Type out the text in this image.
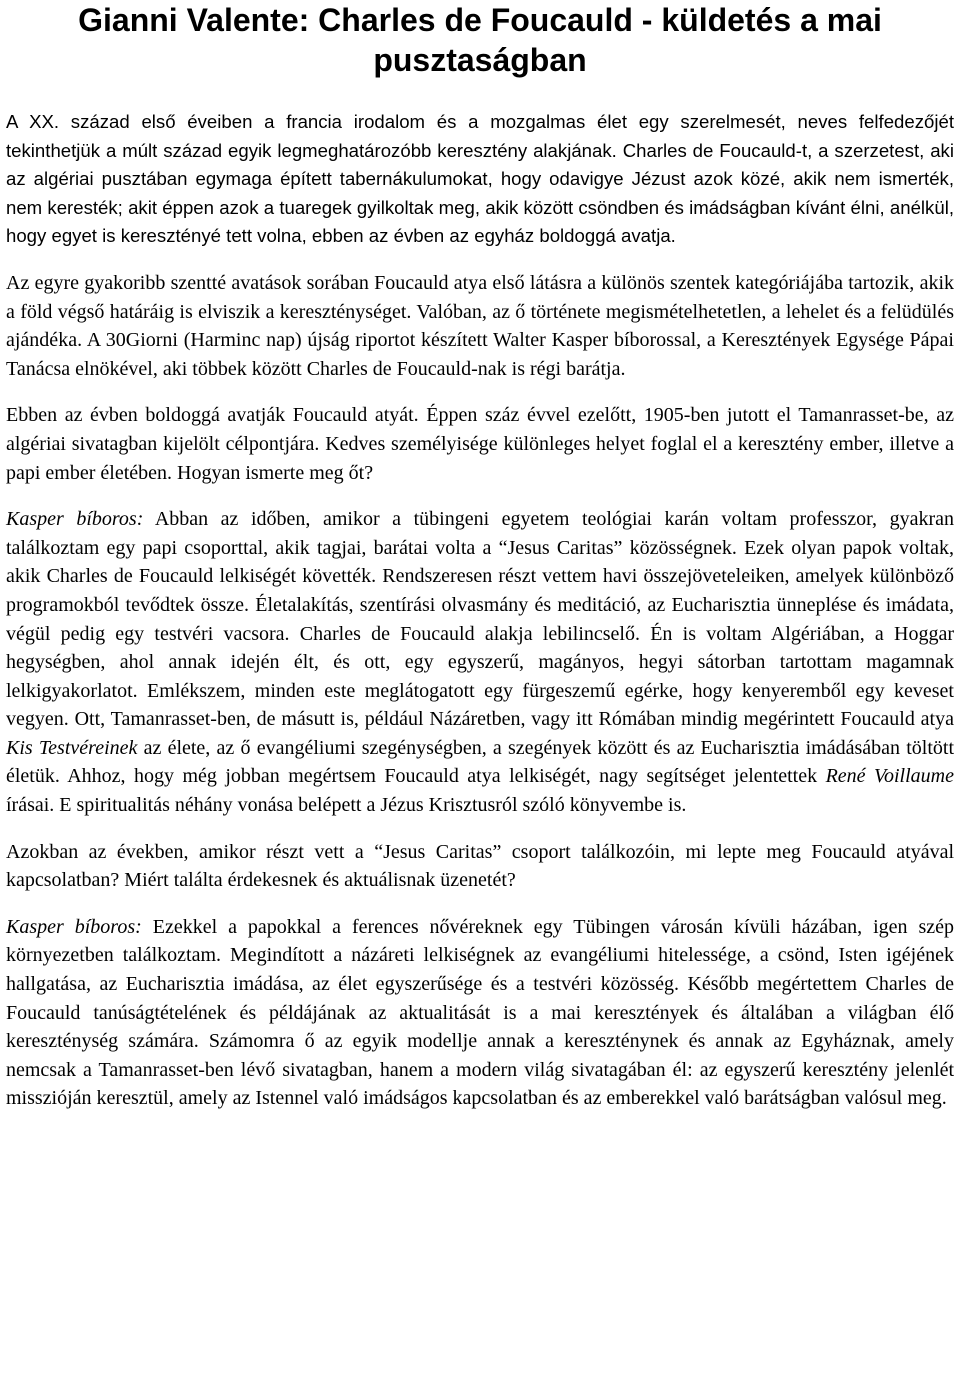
Gianni Valente: Charles de Foucauld - küldetés a mai pusztaságban

A XX. század első éveiben a francia irodalom és a mozgalmas élet egy szerelmesét, neves felfedezőjét tekinthetjük a múlt század egyik legmeghatározóbb keresztény alakjának. Charles de Foucauld-t, a szerzetest, aki az algériai pusztában egymaga épített tabernákulumokat, hogy odavigye Jézust azok közé, akik nem ismerték, nem keresték; akit éppen azok a tuaregek gyilkoltak meg, akik között csöndben és imádságban kívánt élni, anélkül, hogy egyet is keresztényé tett volna, ebben az évben az egyház boldoggá avatja.

Az egyre gyakoribb szentté avatások sorában Foucauld atya első látásra a különös szentek kategóriájába tartozik, akik a föld végső határáig is elviszik a kereszténységet. Valóban, az ő története megismételhetetlen, a lehelet és a felüdülés ajándéka. A 30Giorni (Harminc nap) újság riportot készített Walter Kasper bíborossal, a Keresztények Egysége Pápai Tanácsa elnökével, aki többek között Charles de Foucauld-nak is régi barátja.

Ebben az évben boldoggá avatják Foucauld atyát. Éppen száz évvel ezelőtt, 1905-ben jutott el Tamanrasset-be, az algériai sivatagban kijelölt célpontjára. Kedves személyisége különleges helyet foglal el a keresztény ember, illetve a papi ember életében. Hogyan ismerte meg őt?

Kasper bíboros: Abban az időben, amikor a tübingeni egyetem teológiai karán voltam professzor, gyakran találkoztam egy papi csoporttal, akik tagjai, barátai volta a “Jesus Caritas” közösségnek. Ezek olyan papok voltak, akik Charles de Foucauld lelkiségét követték. Rendszeresen részt vettem havi összejöveteleiken, amelyek különböző programokból tevődtek össze. Életalakítás, szentírási olvasmány és meditáció, az Eucharisztia ünneplése és imádata, végül pedig egy testvéri vacsora. Charles de Foucauld alakja lebilincselő. Én is voltam Algériában, a Hoggar hegységben, ahol annak idején élt, és ott, egy egyszerű, magányos, hegyi sátorban tartottam magamnak lelkigyakorlatot. Emlékszem, minden este meglátogatott egy fürgeszemű egérke, hogy kenyeremből egy keveset vegyen. Ott, Tamanrasset-ben, de másutt is, például Názáretben, vagy itt Rómában mindig megérintett Foucauld atya Kis Testvéreinek az élete, az ő evangéliumi szegénységben, a szegények között és az Eucharisztia imádásában töltött életük. Ahhoz, hogy még jobban megértsem Foucauld atya lelkiségét, nagy segítséget jelentettek René Voillaume írásai. E spiritualitás néhány vonása belépett a Jézus Krisztusról szóló könyvembe is.

Azokban az években, amikor részt vett a “Jesus Caritas” csoport találkozóin, mi lepte meg Foucauld atyával kapcsolatban? Miért találta érdekesnek és aktuálisnak üzenetét?

Kasper bíboros: Ezekkel a papokkal a ferences nővéreknek egy Tübingen városán kívüli házában, igen szép környezetben találkoztam. Megindított a názáreti lelkiségnek az evangéliumi hitelessége, a csönd, Isten igéjének hallgatása, az Eucharisztia imádása, az élet egyszerűsége és a testvéri közösség. Később megértettem Charles de Foucauld tanúságtételének és példájának az aktualitását is a mai keresztények és általában a világban élő kereszténység számára. Számomra ő az egyik modellje annak a kereszténynek és annak az Egyháznak, amely nemcsak a Tamanrasset-ben lévő sivatagban, hanem a modern világ sivatagában él: az egyszerű keresztény jelenlét misszióján keresztül, amely az Istennel való imádságos kapcsolatban és az emberekkel való barátságban valósul meg.
